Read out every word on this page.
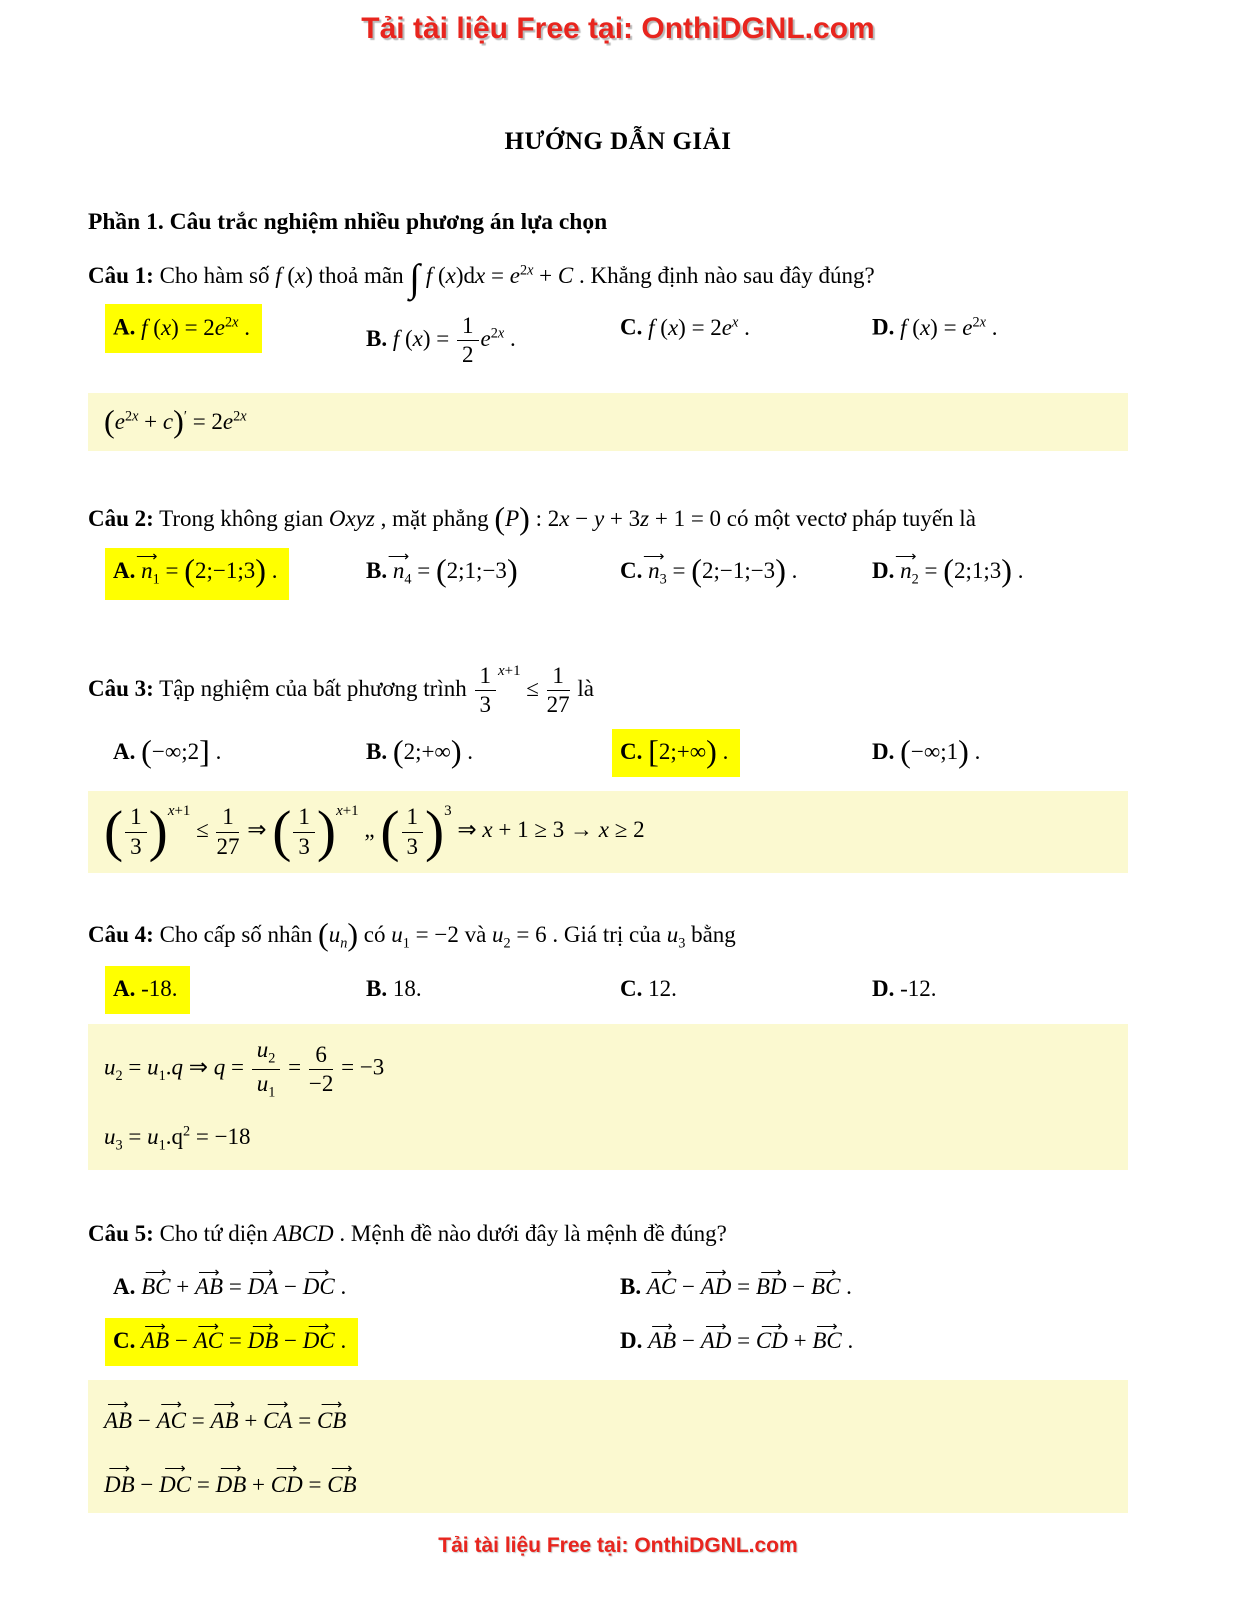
Tải tài liệu Free tại: OnthiDGNL.com
HƯỚNG DẪN GIẢI
Phần 1. Câu trắc nghiệm nhiều phương án lựa chọn

Câu 1: Cho hàm số f (x) thoả mãn ∫ f $(x)dx = e^{2x} + C$ . Khẳng định nào sau đây đúng?

A. f $(x) = 2e^{2x}$ .	B. f $(x) = \frac{1}{2} e^{2x}$ .	C. f $(x) = 2e^x$ .	D. f $(x) = e^{2x}$ .
$(e^{2x} + c)' = 2e^{2x}$

Câu 2: Trong không gian Oxyz , mặt phẳng (P) : 2x − y + 3z + 1 = 0 có một vectơ pháp tuyến là

A. n $⟶_1$ = (2;−1;3) .	B. n $⟶_4$ = (2;1;−3)	C. n $⟶_3$ = (2;−1;−3) .	D. n $⟶_2$ = (2;1;3) .

Câu 3: Tập nghiệm của bất phương trình $\frac{1}{3} ^{x+1}$
≤ $\frac{1}{27}$ là

A. (−∞;2] .	B. (2;+∞) .	C. [2;+∞) .	D. (−∞;1) .
( $\frac{1}{3}$ ) $^{x+1}$
≤ $\frac{1}{27}$ ⇒ ( $\frac{1}{3}$ ) $^{x+1}$
„ ( $\frac{1}{3} )^3$
⇒ x + 1 ≥ 3 → x ≥ 2

Câu 4: Cho cấp số nhân $(u_n)$ có $u_1 = -2$ và $u_2 = 6$ . Giá trị của $u_3$ bằng

A. -18.	B. 18.	C. 12.	D. -12.
$u_2 = u_1.q$ ⇒ $q = \frac{u_2}{u_1} = \frac{6}{-2} = -3$
$u_3 = u_1.q^2 = -18$

Câu 5: Cho tứ diện ABCD . Mệnh đề nào dưới đây là mệnh đề đúng?

A. BC ⟶ + AB ⟶ = DA ⟶ − DC ⟶ .	B. AC ⟶ − AD ⟶ = BD ⟶ − BC ⟶ .
C. AB ⟶ − AC ⟶ = DB ⟶ − DC ⟶ .	D. AB ⟶ − AD ⟶ = CD ⟶ + BC ⟶ .
AB ⟶ − AC ⟶ = AB ⟶ + CA ⟶ = CB ⟶
DB ⟶ − DC ⟶ = DB ⟶ + CD ⟶ = CB ⟶
Tải tài liệu Free tại: OnthiDGNL.com
